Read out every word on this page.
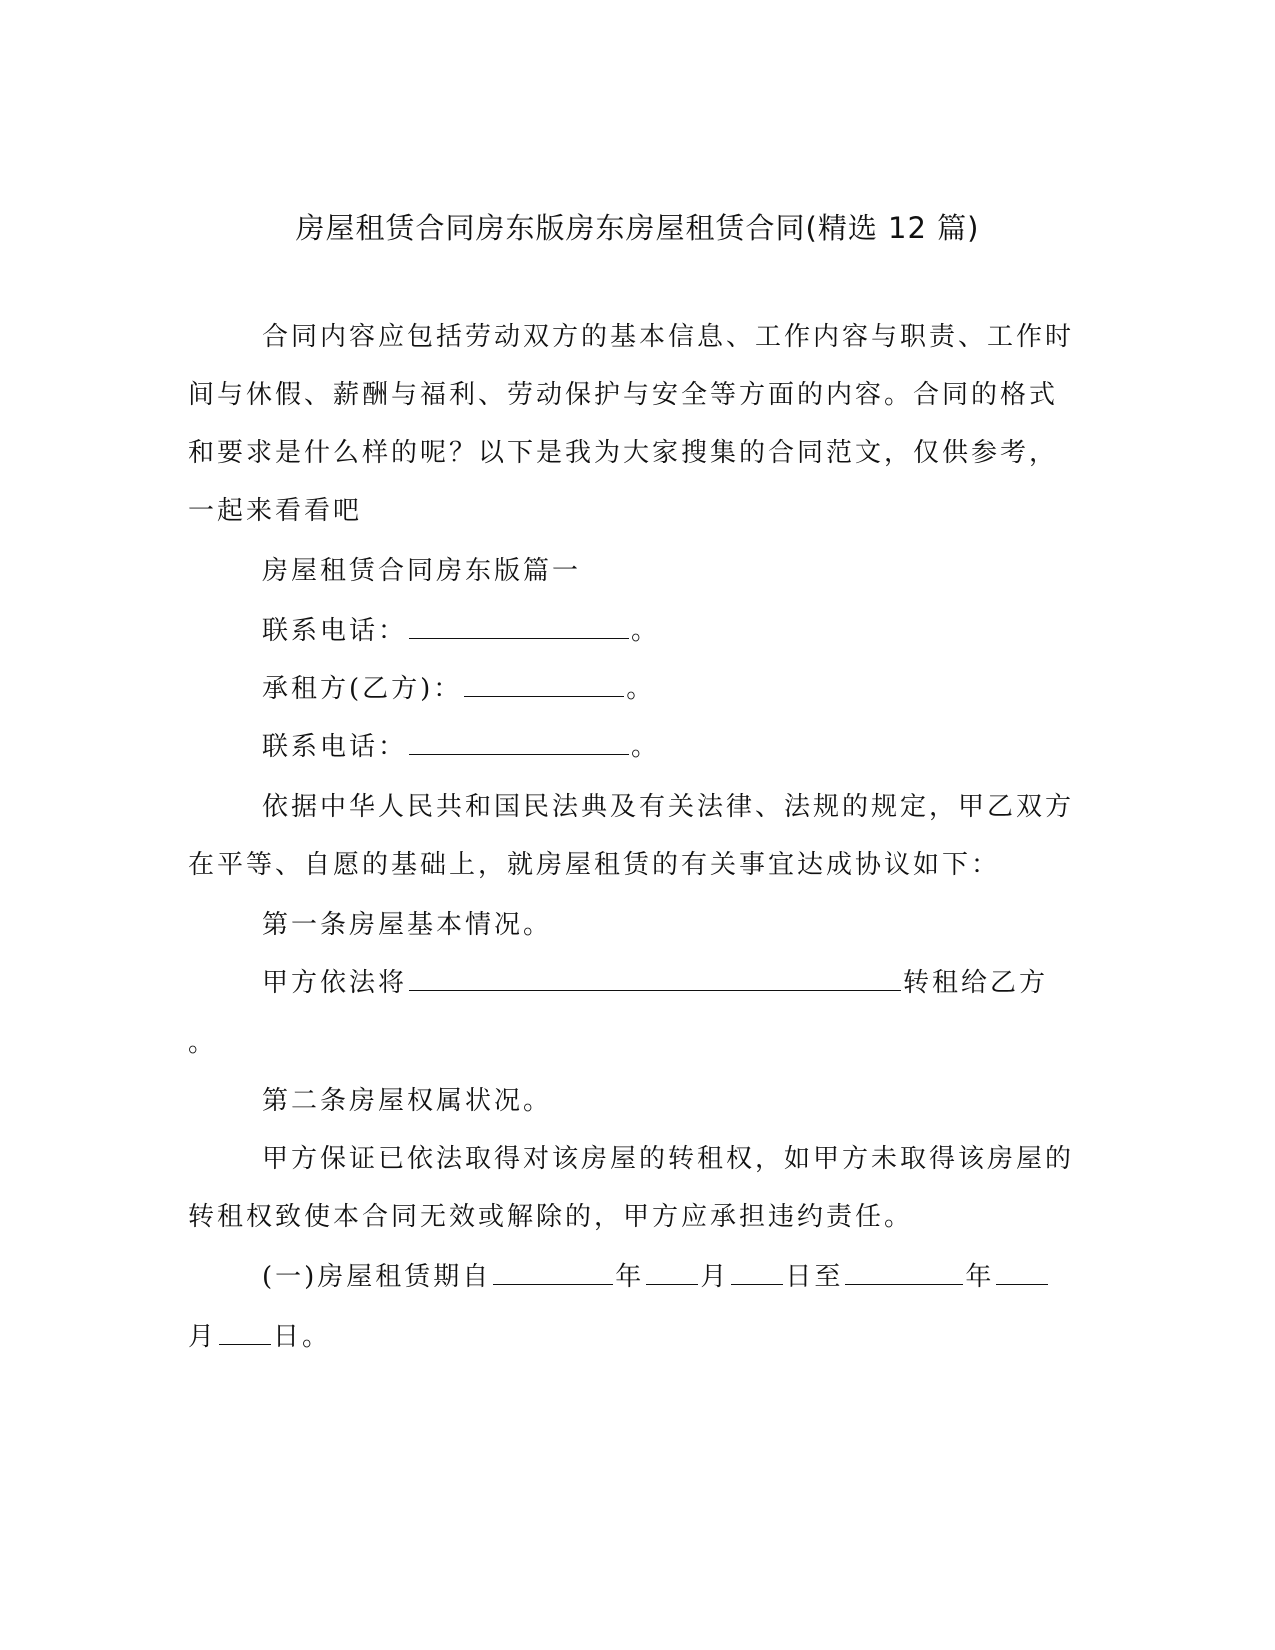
房屋租赁合同房东版房东房屋租赁合同(精选 12 篇)
合同内容应包括劳动双方的基本信息、工作内容与职责、工作时
间与休假、薪酬与福利、劳动保护与安全等方面的内容。合同的格式
和要求是什么样的呢？以下是我为大家搜集的合同范文，仅供参考，
一起来看看吧
房屋租赁合同房东版篇一
联系电话：	。
承租方(乙方)：	。
联系电话：	。
依据中华人民共和国民法典及有关法律、法规的规定，甲乙双方
在平等、自愿的基础上，就房屋租赁的有关事宜达成协议如下：
第一条房屋基本情况。
甲方依法将	转租给乙方
。
第二条房屋权属状况。
甲方保证已依法取得对该房屋的转租权，如甲方未取得该房屋的
转租权致使本合同无效或解除的，甲方应承担违约责任。
(一)房屋租赁期自	年 月 日至	年
月 日。
